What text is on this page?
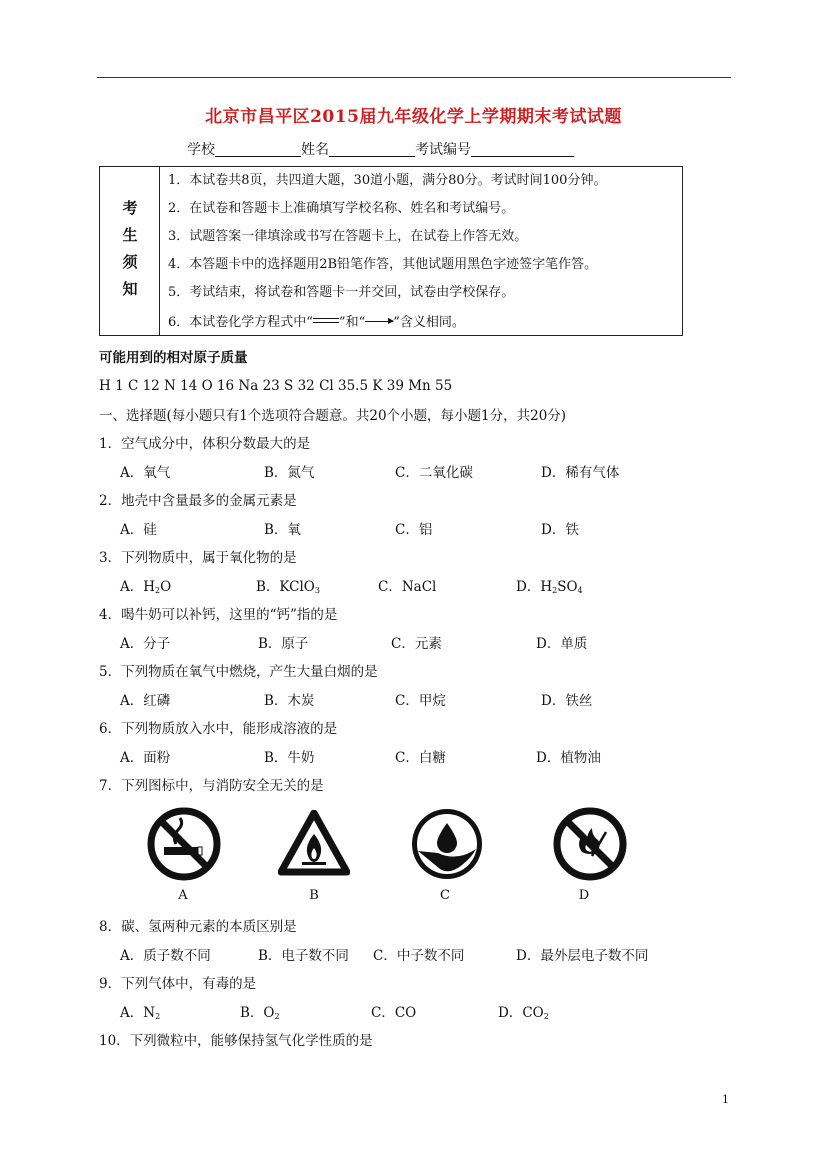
北京市昌平区2015届九年级化学上学期期末考试试题
学校	姓名	考试编号
考
生
须
知
1．本试卷共8页，共四道大题，30道小题，满分80分。考试时间100分钟。
2．在试卷和答题卡上准确填写学校名称、姓名和考试编号。
3．试题答案一律填涂或书写在答题卡上，在试卷上作答无效。
4．本答题卡中的选择题用2B铅笔作答，其他试题用黑色字迹签字笔作答。
5．考试结束，将试卷和答题卡一并交回，试卷由学校保存。
6．本试卷化学方程式中“ ”和“ ”含义相同。
可能用到的相对原子质量
H 1 C 12 N 14 O 16 Na 23 S 32 Cl 35.5 K 39 Mn 55
一、选择题(每小题只有1个选项符合题意。共20个小题，每小题1分，共20分)
1．空气成分中，体积分数最大的是
A．氧气	B．氮气	C．二氧化碳	D．稀有气体
2．地壳中含量最多的金属元素是
A．硅	B．氧	C．铝	D．铁
3．下列物质中，属于氧化物的是
A．$H_2O$	B．KClO$_3$	C．NaCl	D．$H_2SO_4$
4．喝牛奶可以补钙，这里的“钙”指的是
A．分子	B．原子	C．元素	D．单质
5．下列物质在氧气中燃烧，产生大量白烟的是
A．红磷	B．木炭	C．甲烷	D．铁丝
6．下列物质放入水中，能形成溶液的是
A．面粉	B．牛奶	C．白糖	D．植物油
7．下列图标中，与消防安全无关的是
A	B	C	D
8．碳、氢两种元素的本质区别是
A．质子数不同	B．电子数不同 C．中子数不同	D．最外层电子数不同
9．下列气体中，有毒的是
A．$N_2$	B．$O_2$	C．CO	D．$CO_2$
10．下列微粒中，能够保持氢气化学性质的是
1
